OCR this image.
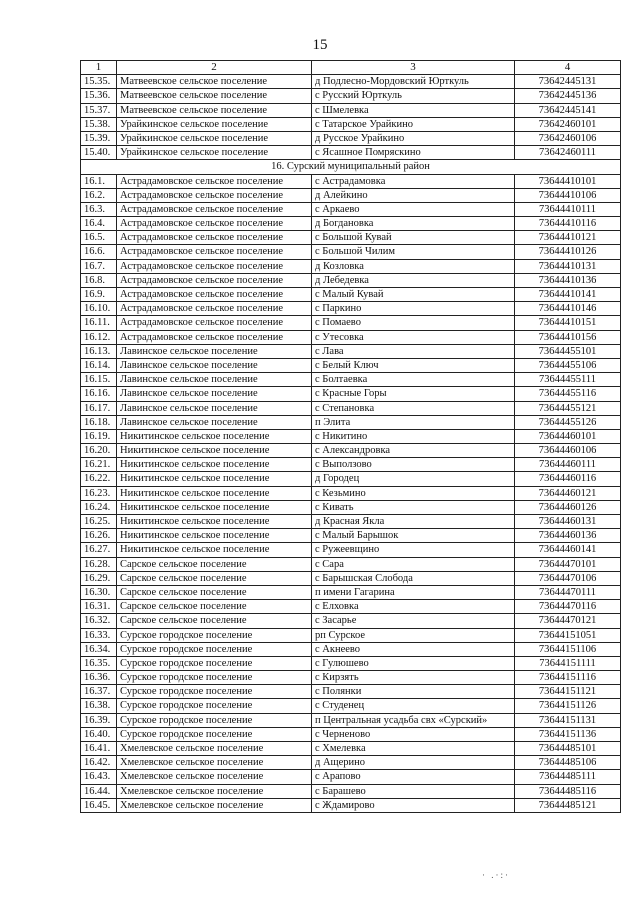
15
1	2	3	4
15.35.	Матвеевское сельское поселение	д Подлесно-Мордовский Юрткуль	73642445131
15.36.	Матвеевское сельское поселение	с Русский Юрткуль	73642445136
15.37.	Матвеевское сельское поселение	с Шмелевка	73642445141
15.38.	Урайкинское сельское поселение	с Татарское Урайкино	73642460101
15.39.	Урайкинское сельское поселение	д Русское Урайкино	73642460106
15.40.	Урайкинское сельское поселение	с Ясашное Помряскино	73642460111
16. Сурский муниципальный район			
16.1.	Астрадамовское сельское поселение	с Астрадамовка	73644410101
16.2.	Астрадамовское сельское поселение	д Алейкино	73644410106
16.3.	Астрадамовское сельское поселение	с Аркаево	73644410111
16.4.	Астрадамовское сельское поселение	д Богдановка	73644410116
16.5.	Астрадамовское сельское поселение	с Большой Кувай	73644410121
16.6.	Астрадамовское сельское поселение	с Большой Чилим	73644410126
16.7.	Астрадамовское сельское поселение	д Козловка	73644410131
16.8.	Астрадамовское сельское поселение	д Лебедевка	73644410136
16.9.	Астрадамовское сельское поселение	с Малый Кувай	73644410141
16.10.	Астрадамовское сельское поселение	с Паркино	73644410146
16.11.	Астрадамовское сельское поселение	с Помаево	73644410151
16.12.	Астрадамовское сельское поселение	с Утесовка	73644410156
16.13.	Лавинское сельское поселение	с Лава	73644455101
16.14.	Лавинское сельское поселение	с Белый Ключ	73644455106
16.15.	Лавинское сельское поселение	с Болтаевка	73644455111
16.16.	Лавинское сельское поселение	с Красные Горы	73644455116
16.17.	Лавинское сельское поселение	с Степановка	73644455121
16.18.	Лавинское сельское поселение	п Элита	73644455126
16.19.	Никитинское сельское поселение	с Никитино	73644460101
16.20.	Никитинское сельское поселение	с Александровка	73644460106
16.21.	Никитинское сельское поселение	с Выползово	73644460111
16.22.	Никитинское сельское поселение	д Городец	73644460116
16.23.	Никитинское сельское поселение	с Кезьмино	73644460121
16.24.	Никитинское сельское поселение	с Кивать	73644460126
16.25.	Никитинское сельское поселение	д Красная Якла	73644460131
16.26.	Никитинское сельское поселение	с Малый Барышок	73644460136
16.27.	Никитинское сельское поселение	с Ружеевщино	73644460141
16.28.	Сарское сельское поселение	с Сара	73644470101
16.29.	Сарское сельское поселение	с Барышская Слобода	73644470106
16.30.	Сарское сельское поселение	п имени Гагарина	73644470111
16.31.	Сарское сельское поселение	с Елховка	73644470116
16.32.	Сарское сельское поселение	с Засарье	73644470121
16.33.	Сурское городское поселение	рп Сурское	73644151051
16.34.	Сурское городское поселение	с Акнеево	73644151106
16.35.	Сурское городское поселение	с Гулюшево	73644151111
16.36.	Сурское городское поселение	с Кирзять	73644151116
16.37.	Сурское городское поселение	с Полянки	73644151121
16.38.	Сурское городское поселение	с Студенец	73644151126
16.39.	Сурское городское поселение	п Центральная усадьба свх «Сурский»	73644151131
16.40.	Сурское городское поселение	с Черненово	73644151136
16.41.	Хмелевское сельское поселение	с Хмелевка	73644485101
16.42.	Хмелевское сельское поселение	д Ащерино	73644485106
16.43.	Хмелевское сельское поселение	с Арапово	73644485111
16.44.	Хмелевское сельское поселение	с Барашево	73644485116
16.45.	Хмелевское сельское поселение	с Ждамирово	73644485121
· .·:·
